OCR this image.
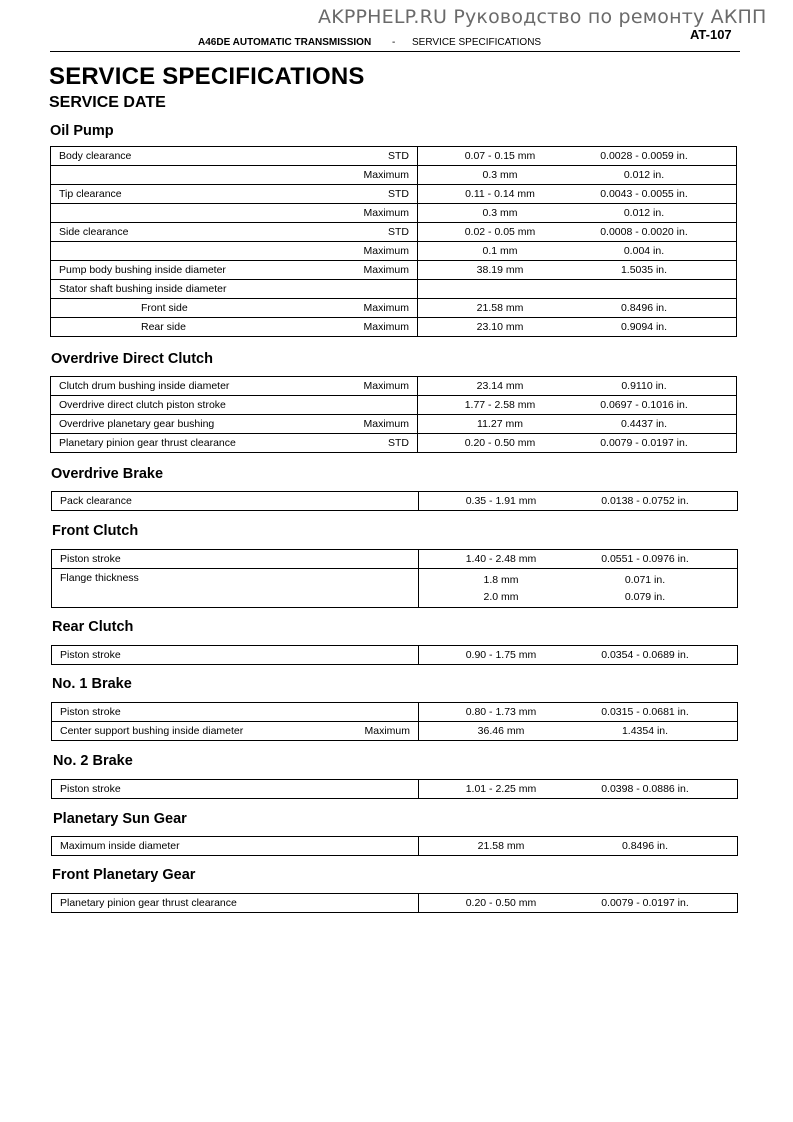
AKPPHELP.RU Руководство по ремонту АКПП
AT-107
A46DE AUTOMATIC TRANSMISSION - SERVICE SPECIFICATIONS
SERVICE SPECIFICATIONS
SERVICE DATE
Oil Pump
Body clearance STD	0.07 - 0.15 mm 0.0028 - 0.0059 in.

Maximum	0.3 mm 0.012 in.

Tip clearance STD	0.11 - 0.14 mm 0.0043 - 0.0055 in.

Maximum	0.3 mm 0.012 in.

Side clearance STD	0.02 - 0.05 mm 0.0008 - 0.0020 in.

Maximum	0.1 mm 0.004 in.

Pump body bushing inside diameter Maximum	38.19 mm 1.5035 in.

Stator shaft bushing inside diameter	

Front side Maximum	21.58 mm 0.8496 in.

Rear side Maximum	23.10 mm 0.9094 in.
Overdrive Direct Clutch
Clutch drum bushing inside diameter Maximum	23.14 mm 0.9110 in.

Overdrive direct clutch piston stroke	1.77 - 2.58 mm 0.0697 - 0.1016 in.

Overdrive planetary gear bushing Maximum	11.27 mm 0.4437 in.

Planetary pinion gear thrust clearance STD	0.20 - 0.50 mm 0.0079 - 0.0197 in.
Overdrive Brake
Pack clearance	0.35 - 1.91 mm	0.0138 - 0.0752 in.
Front Clutch
Piston stroke	1.40 - 2.48 mm 0.0551 - 0.0976 in.

Flange thickness	1.8 mm 0.071 in.
2.0 mm 0.079 in.
Rear Clutch
Piston stroke	0.90 - 1.75 mm	0.0354 - 0.0689 in.
No. 1 Brake
Piston stroke	0.80 - 1.73 mm 0.0315 - 0.0681 in.

Center support bushing inside diameter Maximum	36.46 mm 1.4354 in.
No. 2 Brake
Piston stroke	1.01 - 2.25 mm	0.0398 - 0.0886 in.
Planetary Sun Gear
Maximum inside diameter	21.58 mm	0.8496 in.
Front Planetary Gear
Planetary pinion gear thrust clearance	0.20 - 0.50 mm	0.0079 - 0.0197 in.
